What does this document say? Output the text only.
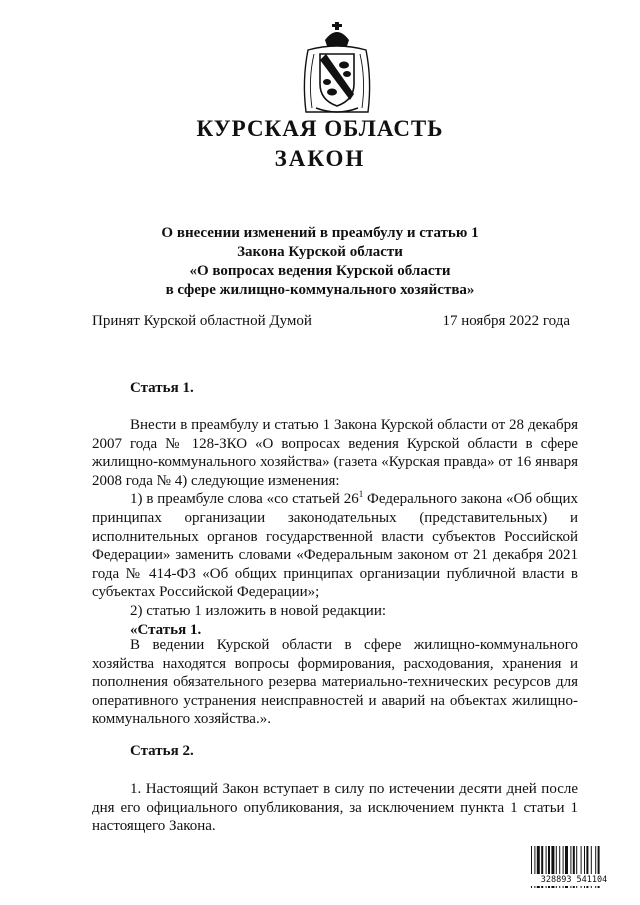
КУРСКАЯ ОБЛАСТЬ
ЗАКОН
О внесении изменений в преамбулу и статью 1
Закона Курской области
«О вопросах ведения Курской области
в сфере жилищно-коммунального хозяйства»
Принят Курской областной Думой	17 ноября 2022 года
Статья 1.

Внести в преамбулу и статью 1 Закона Курской области от 28 декабря 2007 года № 128-ЗКО «О вопросах ведения Курской области в сфере жилищно-коммунального хозяйства» (газета «Курская правда» от 16 января 2008 года № 4) следующие изменения:

1) в преамбуле слова «со статьей $26^1$ Федерального закона «Об общих принципах организации законодательных (представительных) и исполнительных органов государственной власти субъектов Российской Федерации» заменить словами «Федеральным законом от 21 декабря 2021 года № 414-ФЗ «Об общих принципах организации публичной власти в субъектах Российской Федерации»;

2) статью 1 изложить в новой редакции:

«Статья 1.

В ведении Курской области в сфере жилищно-коммунального хозяйства находятся вопросы формирования, расходования, хранения и пополнения обязательного резерва материально-технических ресурсов для оперативного устранения неисправностей и аварий на объектах жилищно-коммунального хозяйства.».

Статья 2.

1. Настоящий Закон вступает в силу по истечении десяти дней после дня его официального опубликования, за исключением пункта 1 статьи 1 настоящего Закона.

328893 541104
